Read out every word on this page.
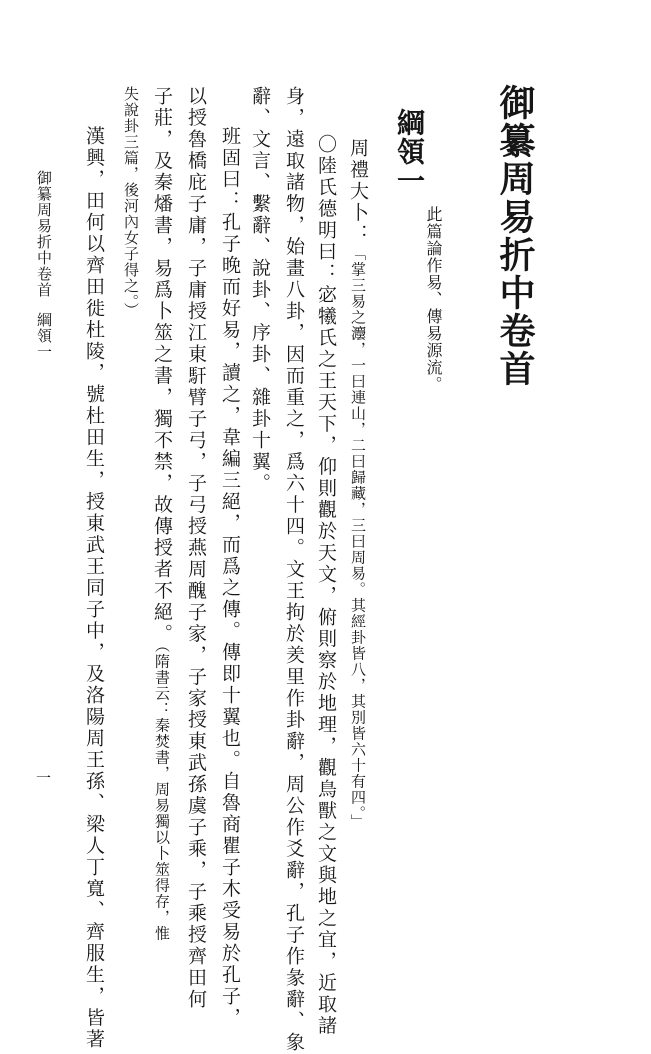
御纂周易折中卷首
綱領一
此篇論作易、傳易源流。
周禮大卜：「掌三易之灋，一曰連山，二曰歸藏，三曰周易。其經卦皆八，其別皆六十有四。」
〇陸氏德明曰：宓犧氏之王天下，仰則觀於天文，俯則察於地理，觀鳥獸之文與地之宜，近取諸
身，遠取諸物，始畫八卦，因而重之，爲六十四。文王拘於羑里作卦辭，周公作爻辭，孔子作彖辭、象
辭、文言、繫辭、說卦、序卦、雜卦十翼。
班固曰：孔子晚而好易，讀之，韋編三絕，而爲之傳。傳即十翼也。自魯商瞿子木受易於孔子，
以授魯橋庇子庸，子庸授江東馯臂子弓，子弓授燕周醜子家，子家授東武孫虞子乘，子乘授齊田何
子莊，及秦燔書，易爲卜筮之書，獨不禁，故傳授者不絕。（隋書云：秦焚書，周易獨以卜筮得存，惟
失說卦三篇，後河內女子得之。）
漢興，田何以齊田徙杜陵，號杜田生，授東武王同子中，及洛陽周王孫、梁人丁寬、齊服生，皆著
御纂周易折中卷首
綱領一
一
